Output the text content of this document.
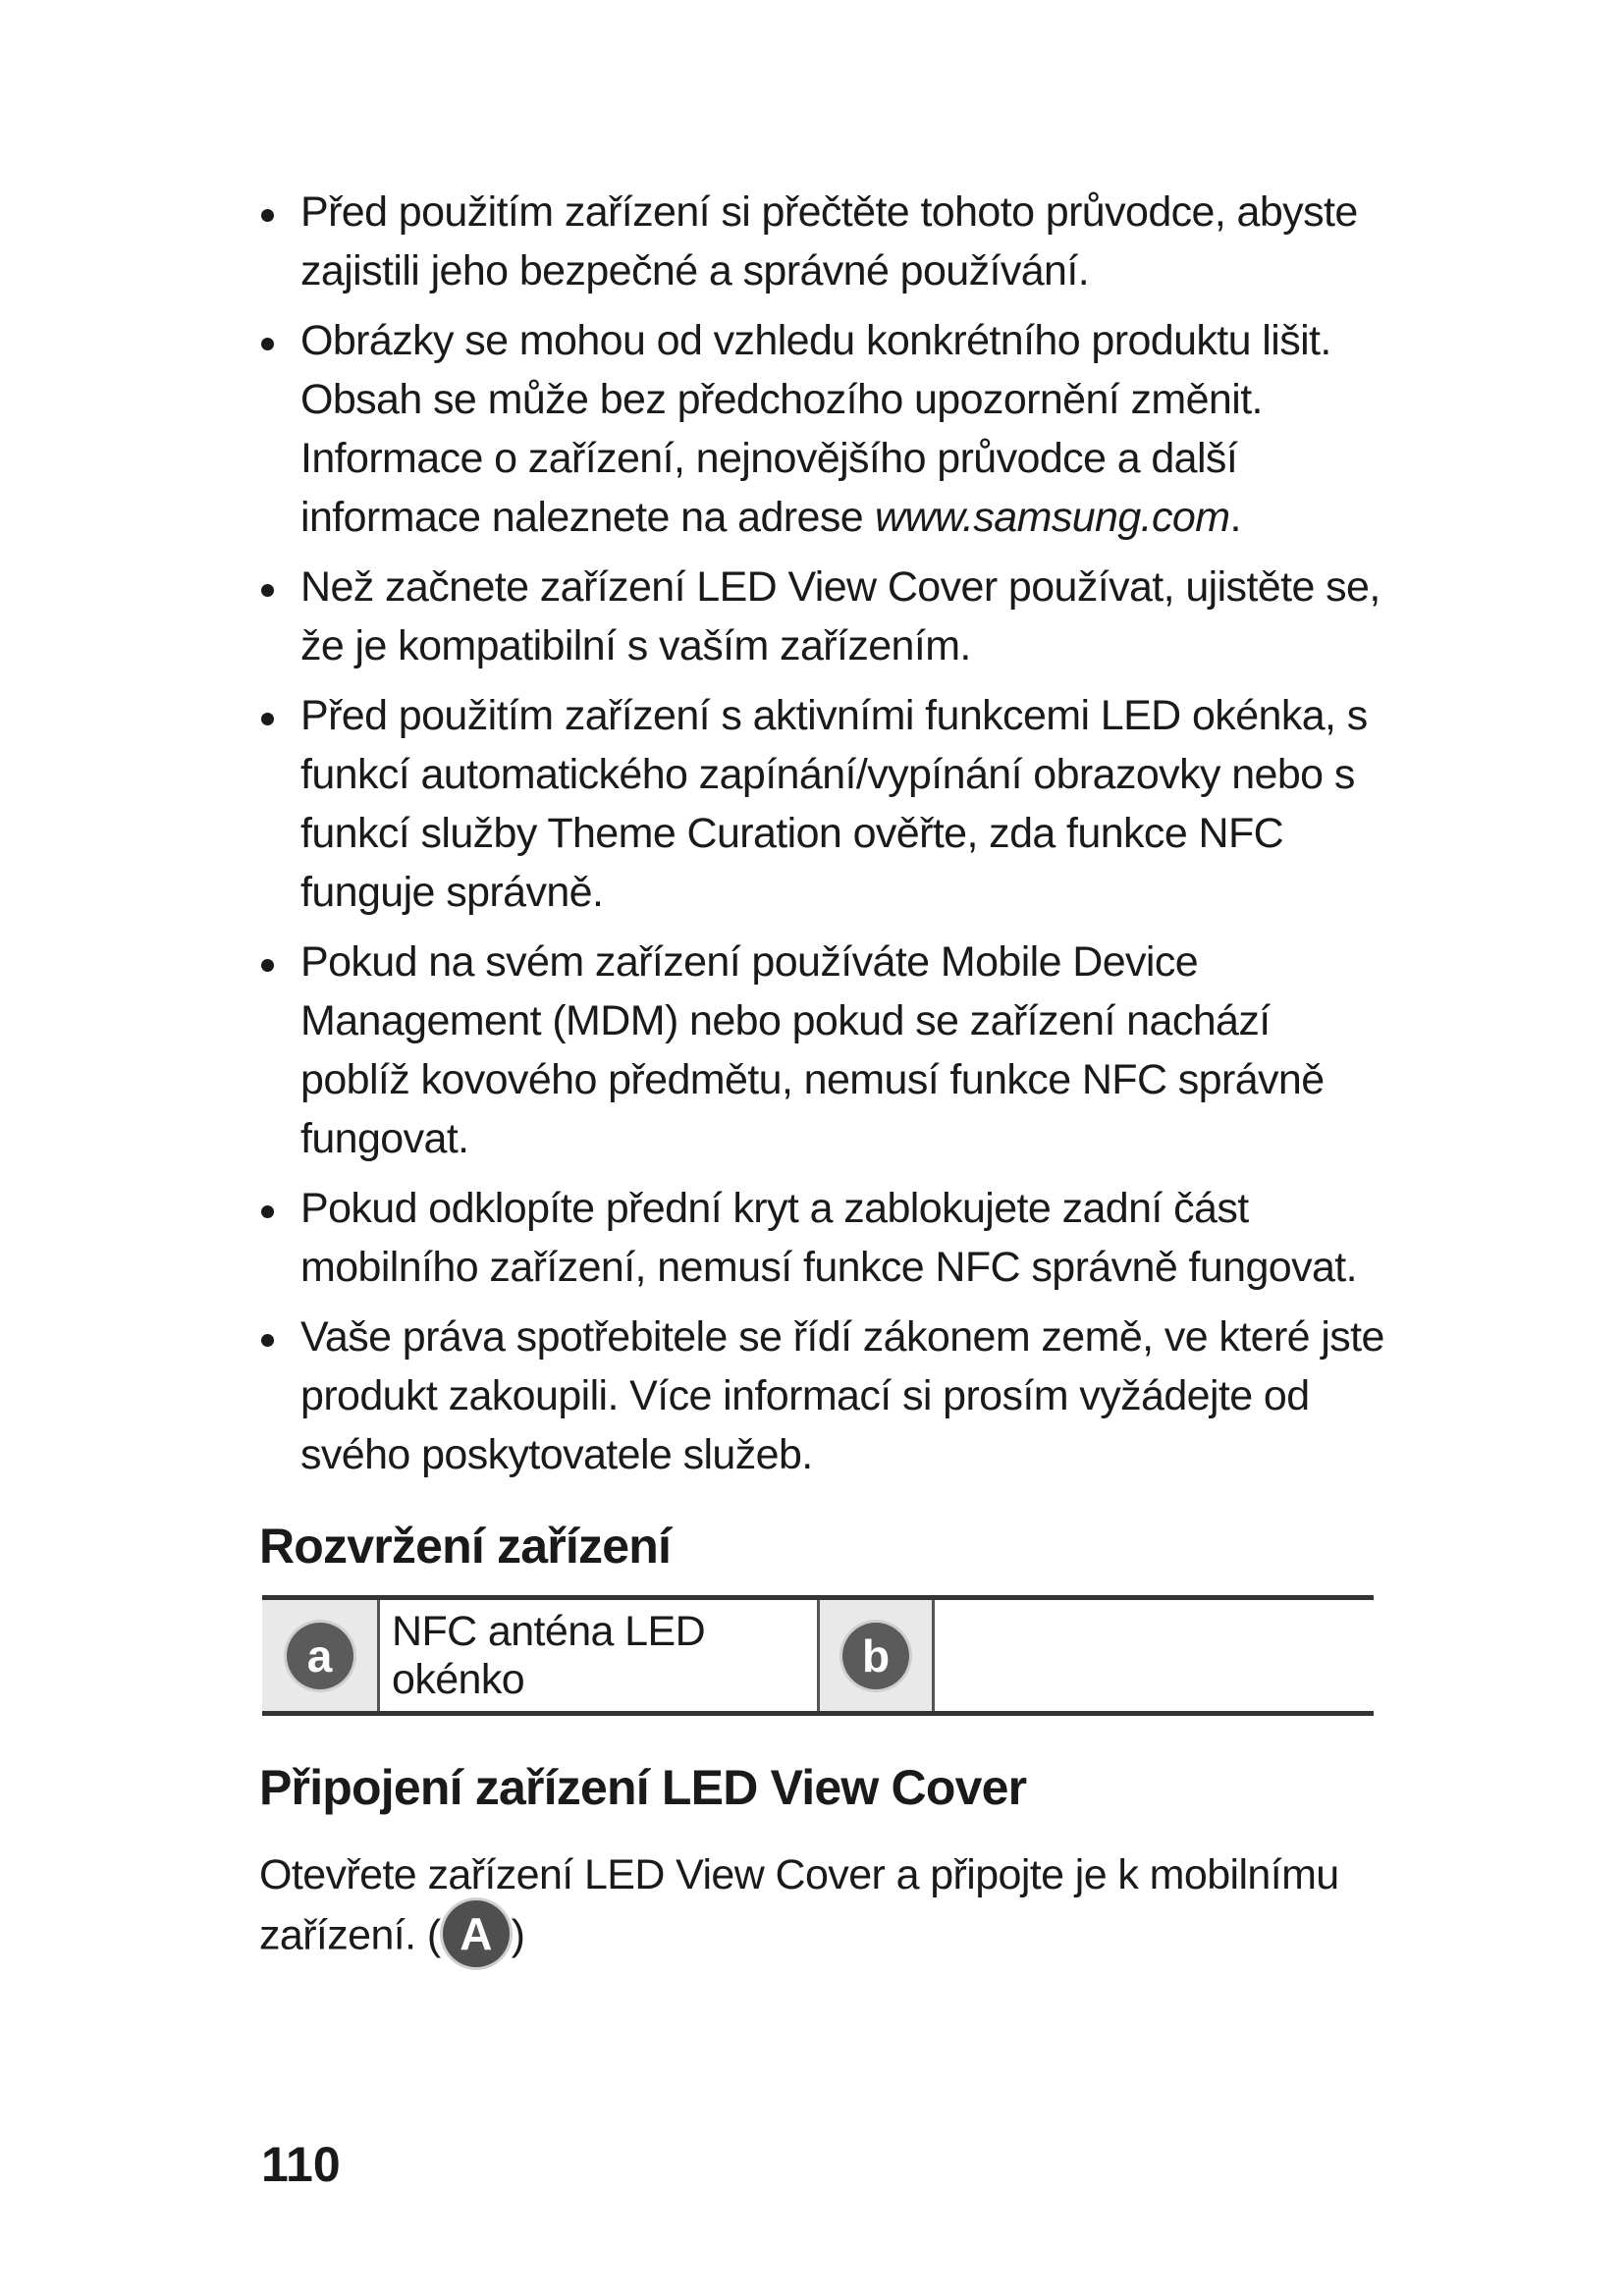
Před použitím zařízení si přečtěte tohoto průvodce, abyste zajistili jeho bezpečné a správné používání.
Obrázky se mohou od vzhledu konkrétního produktu lišit. Obsah se může bez předchozího upozornění změnit. Informace o zařízení, nejnovějšího průvodce a další informace naleznete na adrese www.samsung.com.
Než začnete zařízení LED View Cover používat, ujistěte se, že je kompatibilní s vaším zařízením.
Před použitím zařízení s aktivními funkcemi LED okénka, s funkcí automatického zapínání/vypínání obrazovky nebo s funkcí služby Theme Curation ověřte, zda funkce NFC funguje správně.
Pokud na svém zařízení používáte Mobile Device Management (MDM) nebo pokud se zařízení nachází poblíž kovového předmětu, nemusí funkce NFC správně fungovat.
Pokud odklopíte přední kryt a zablokujete zadní část mobilního zařízení, nemusí funkce NFC správně fungovat.
Vaše práva spotřebitele se řídí zákonem země, ve které jste produkt zakoupili. Více informací si prosím vyžádejte od svého poskytovatele služeb.
Rozvržení zařízení
a	NFC anténa LED okénko	b
Připojení zařízení LED View Cover

Otevřete zařízení LED View Cover a připojte je k mobilnímu zařízení. ( A )

110
